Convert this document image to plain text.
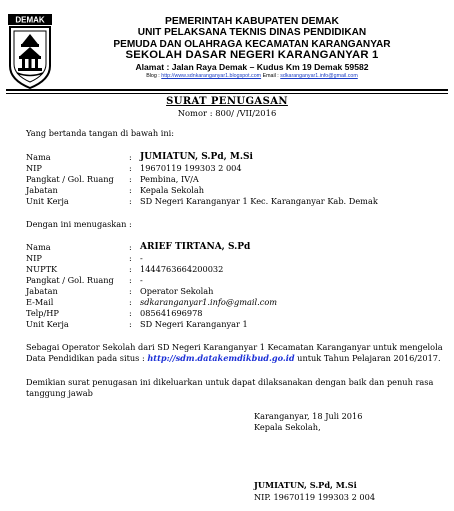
DEMAK	PEMERINTAH KABUPATEN DEMAK
UNIT PELAKSANA TEKNIS DINAS PENDIDIKAN
PEMUDA DAN OLAHRAGA KECAMATAN KARANGANYAR
SEKOLAH DASAR NEGERI KARANGANYAR 1
Alamat : Jalan Raya Demak – Kudus Km 19 Demak 59582
Blog : http://www.sdnkaranganyar1.blogspot.com Email : sdkaranganyar1.info@gmail.com
SURAT PENUGASAN
Nomor : 800/ /VII/2016
Yang bertanda tangan di bawah ini:
Nama	: JUMIATUN, S.Pd, M.Si
NIP	: 19670119 199303 2 004
Pangkat / Gol. Ruang : Pembina, IV/A
Jabatan	: Kepala Sekolah
Unit Kerja	: SD Negeri Karanganyar 1 Kec. Karanganyar Kab. Demak
Dengan ini menugaskan :
Nama	: ARIEF TIRTANA, S.Pd
NIP	: -
NUPTK	: 1444763664200032
Pangkat / Gol. Ruang : -
Jabatan	: Operator Sekolah
E-Mail	: sdkaranganyar1.info@gmail.com
Telp/HP	: 085641696978
Unit Kerja	: SD Negeri Karanganyar 1
Sebagai Operator Sekolah dari SD Negeri Karanganyar 1 Kecamatan Karanganyar untuk mengelola
Data Pendidikan pada situs : http://sdm.datakemdikbud.go.id untuk Tahun Pelajaran 2016/2017.
Demikian surat penugasan ini dikeluarkan untuk dapat dilaksanakan dengan baik dan penuh rasa
tanggung jawab
Karanganyar, 18 Juli 2016
Kepala Sekolah,
JUMIATUN, S.Pd, M.Si
NIP. 19670119 199303 2 004
